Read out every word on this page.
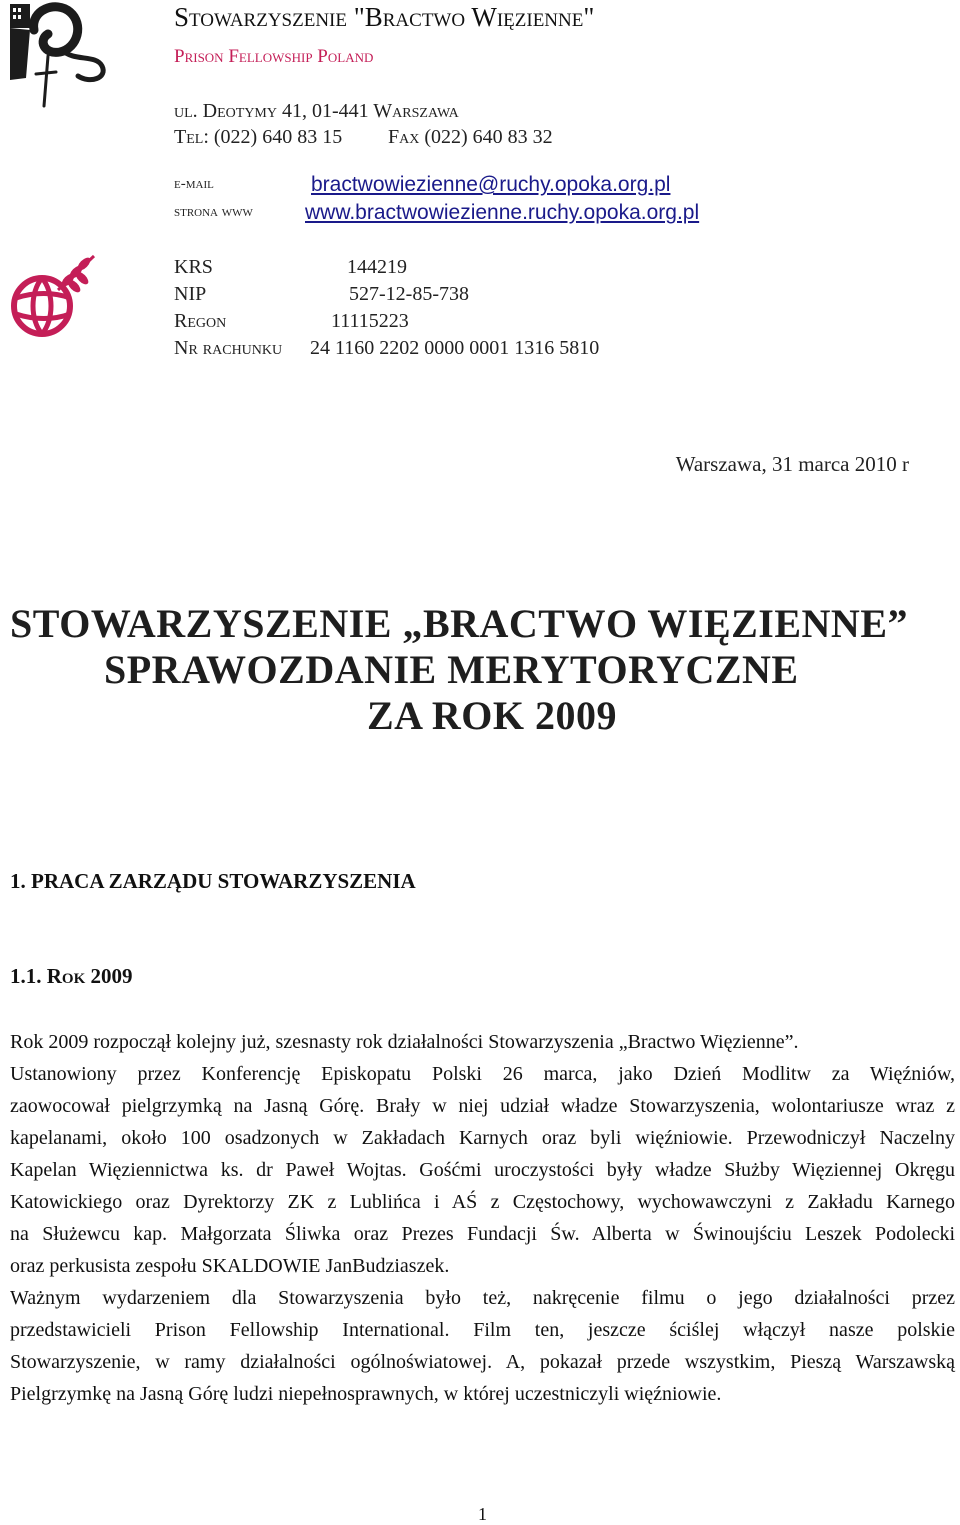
Stowarzyszenie "Bractwo Więzienne"
Prison Fellowship Poland
ul. Deotymy 41, 01-441 Warszawa
Tel: (022) 640 83 15 Fax (022) 640 83 32
e-mail	bractwowiezienne@ruchy.opoka.org.pl
strona www www.bractwowiezienne.ruchy.opoka.org.pl
KRS	144219
NIP	527-12-85-738
Regon	11115223
Nr rachunku 24 1160 2202 0000 0001 1316 5810
Warszawa, 31 marca 2010 r
STOWARZYSZENIE „BRACTWO WIĘZIENNE”
SPRAWOZDANIE MERYTORYCZNE
ZA ROK 2009
1. PRACA ZARZĄDU STOWARZYSZENIA
1.1. Rok 2009
Rok 2009 rozpoczął kolejny już, szesnasty rok działalności Stowarzyszenia „Bractwo Więzienne”.
Ustanowiony przez Konferencję Episkopatu Polski 26 marca, jako Dzień Modlitw za Więźniów,
zaowocował pielgrzymką na Jasną Górę. Brały w niej udział władze Stowarzyszenia, wolontariusze wraz z
kapelanami, około 100 osadzonych w Zakładach Karnych oraz byli więźniowie. Przewodniczył Naczelny
Kapelan Więziennictwa ks. dr Paweł Wojtas. Gośćmi uroczystości były władze Służby Więziennej Okręgu
Katowickiego oraz Dyrektorzy ZK z Lublińca i AŚ z Częstochowy, wychowawczyni z Zakładu Karnego
na Służewcu kap. Małgorzata Śliwka oraz Prezes Fundacji Św. Alberta w Świnoujściu Leszek Podolecki
oraz perkusista zespołu SKALDOWIE JanBudziaszek.
Ważnym wydarzeniem dla Stowarzyszenia było też, nakręcenie filmu o jego działalności przez
przedstawicieli Prison Fellowship International. Film ten, jeszcze ściślej włączył nasze polskie
Stowarzyszenie, w ramy działalności ogólnoświatowej. A, pokazał przede wszystkim, Pieszą Warszawską
Pielgrzymkę na Jasną Górę ludzi niepełnosprawnych, w której uczestniczyli więźniowie.
1
